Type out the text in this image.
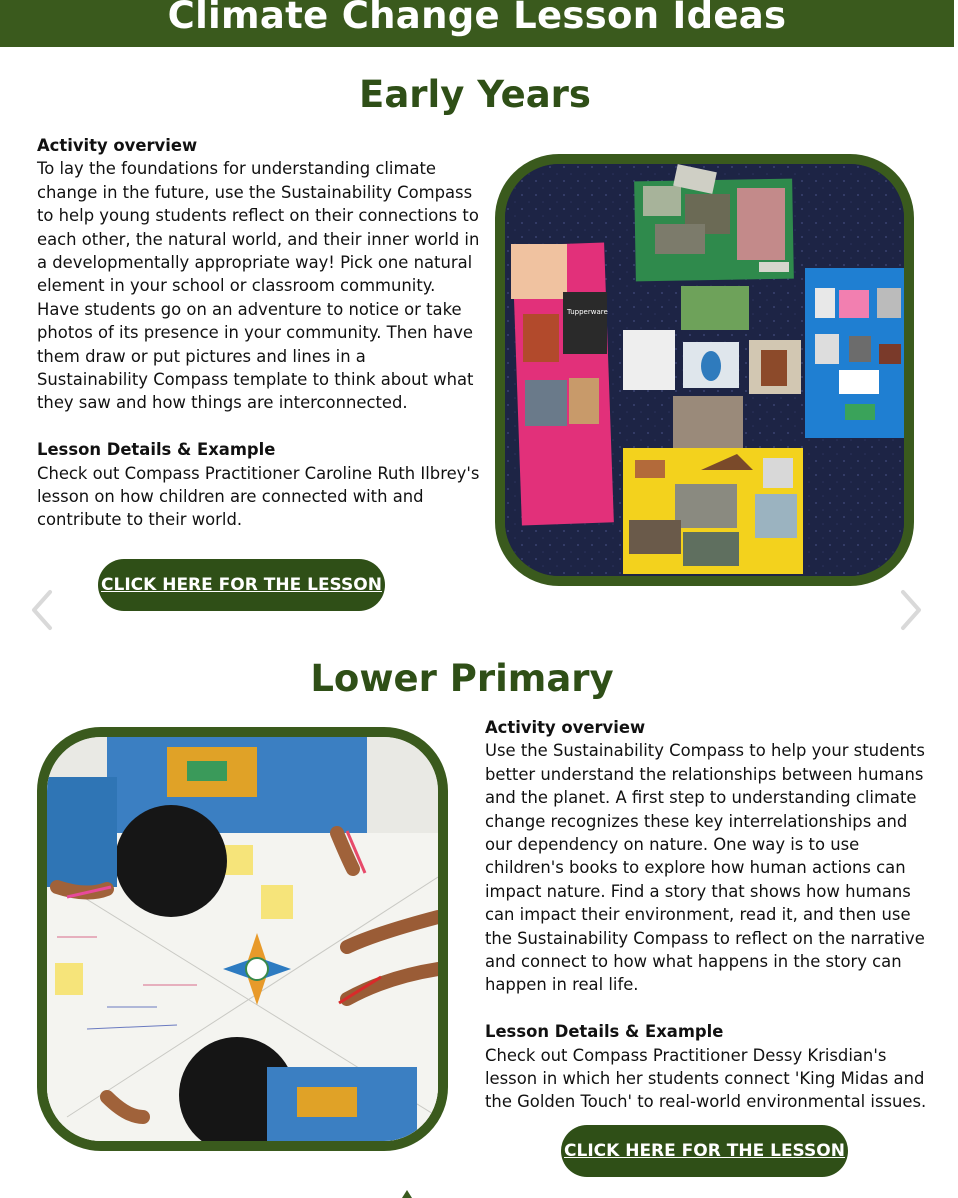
Climate Change Lesson Ideas
Early Years
Activity overview

To lay the foundations for understanding climate change in the future, use the Sustainability Compass to help young students reflect on their connections to each other, the natural world, and their inner world in a developmentally appropriate way! Pick one natural element in your school or classroom community. Have students go on an adventure to notice or take photos of its presence in your community. Then have them draw or put pictures and lines in a Sustainability Compass template to think about what they saw and how things are interconnected.

Lesson Details & Example

Check out Compass Practitioner Caroline Ruth Ilbrey's lesson on how children are connected with and contribute to their world.

CLICK HERE FOR THE LESSON
Tupperware
Lower Primary
Activity overview

Use the Sustainability Compass to help your students better understand the relationships between humans and the planet. A first step to understanding climate change recognizes these key interrelationships and our dependency on nature. One way is to use children's books to explore how human actions can impact nature. Find a story that shows how humans can impact their environment, read it, and then use the Sustainability Compass to reflect on the narrative and connect to how what happens in the story can happen in real life.

Lesson Details & Example

Check out Compass Practitioner Dessy Krisdian's lesson in which her students connect 'King Midas and the Golden Touch' to real-world environmental issues.

CLICK HERE FOR THE LESSON
